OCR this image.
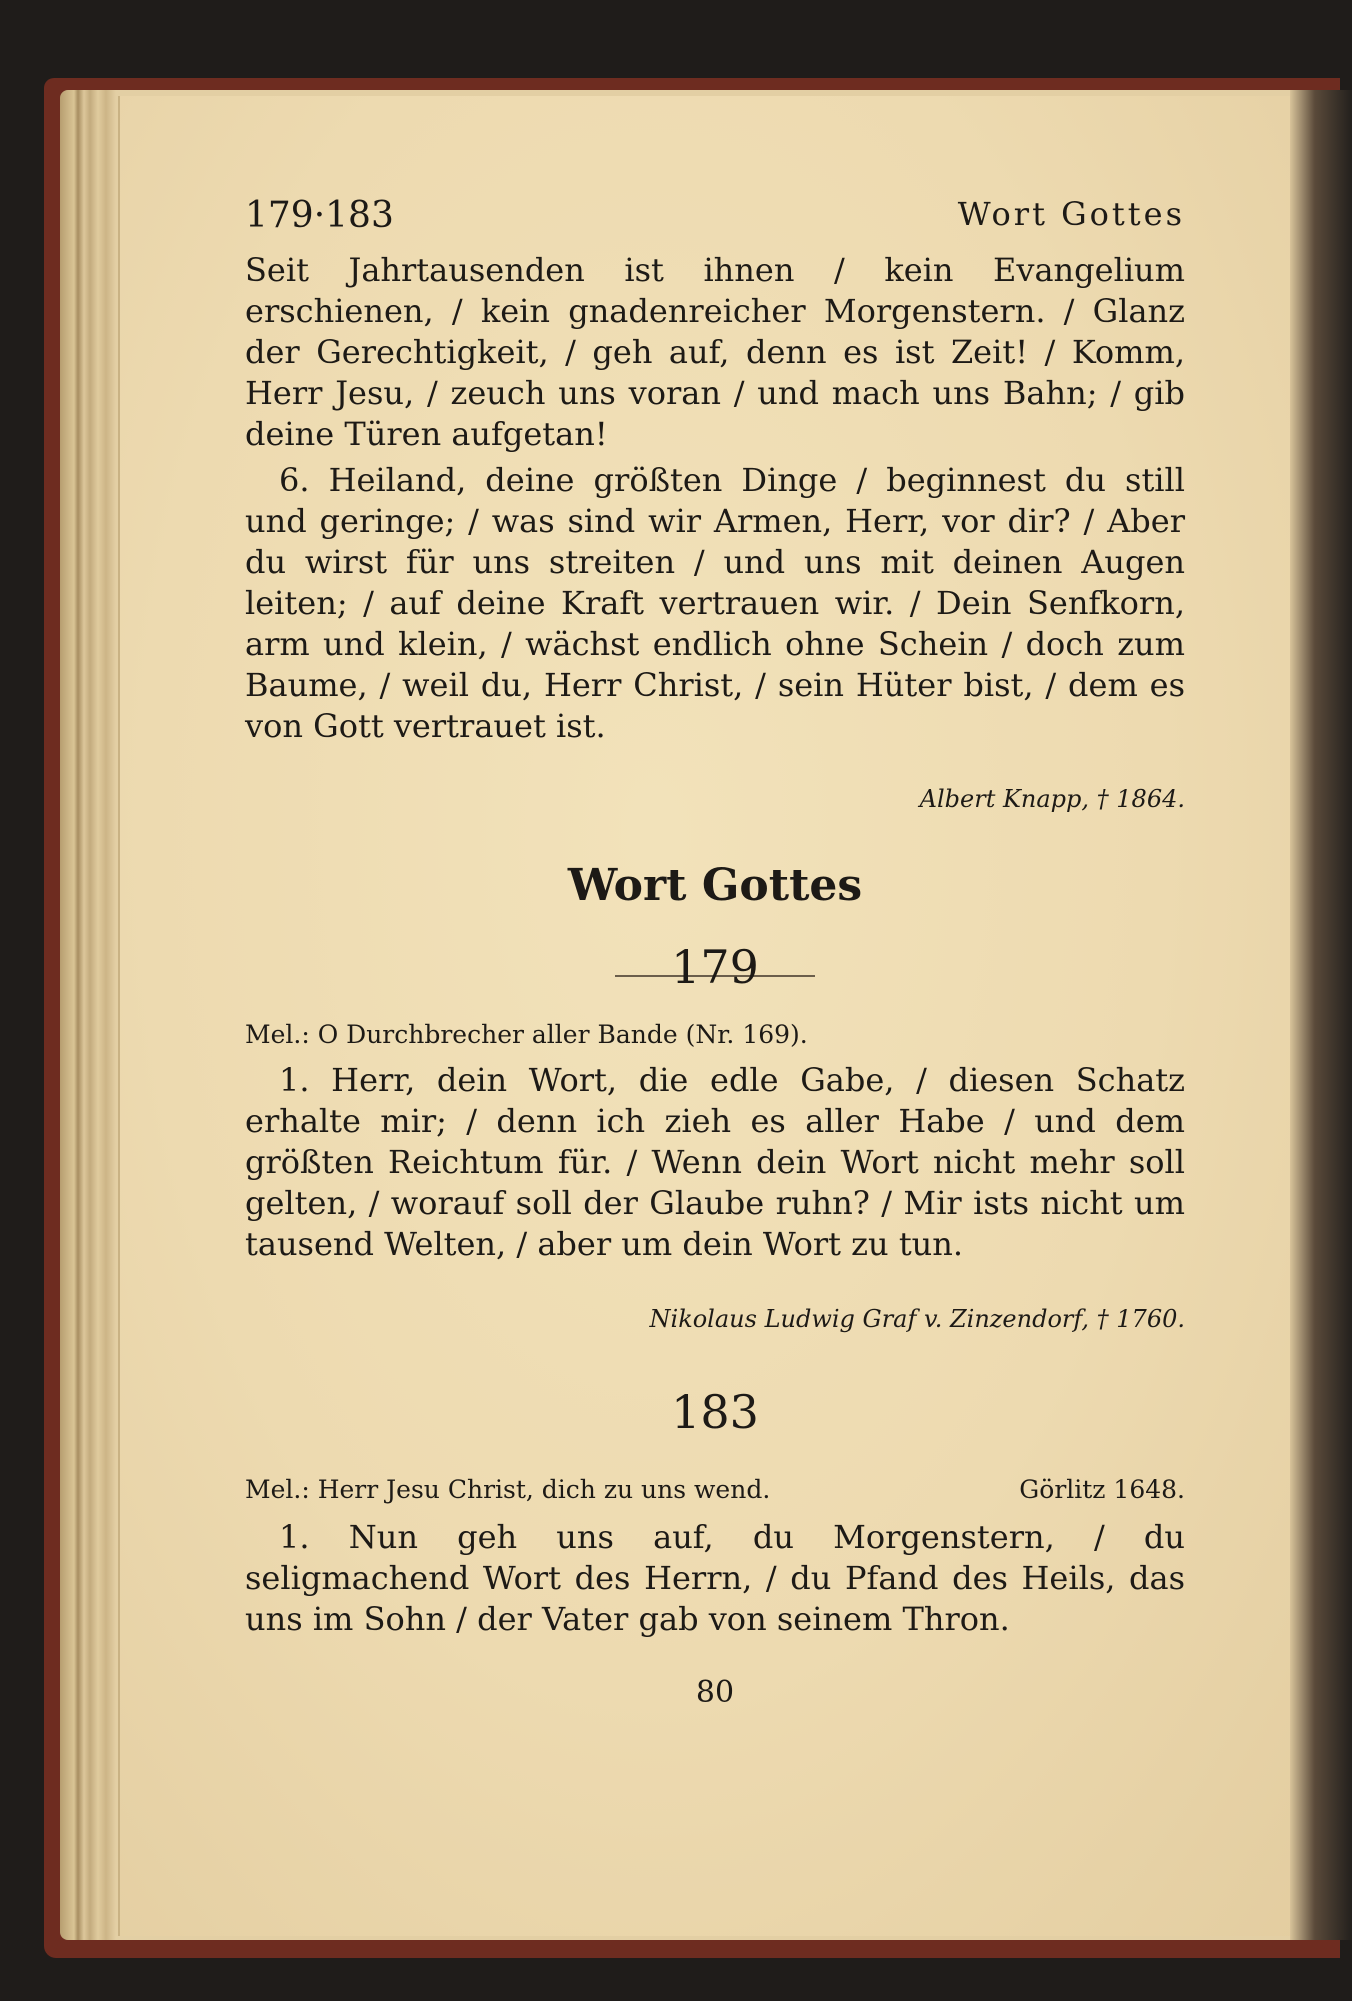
179·183	Wort Gottes
Seit Jahrtausenden ist ihnen / kein Evangelium erschienen, / kein gnadenreicher Morgenstern. / Glanz der Gerechtigkeit, / geh auf, denn es ist Zeit! / Komm, Herr Jesu, / zeuch uns voran / und mach uns Bahn; / gib deine Türen aufgetan!
6. Heiland, deine größten Dinge / beginnest du still und geringe; / was sind wir Armen, Herr, vor dir? / Aber du wirst für uns streiten / und uns mit deinen Augen leiten; / auf deine Kraft vertrauen wir. / Dein Senfkorn, arm und klein, / wächst endlich ohne Schein / doch zum Baume, / weil du, Herr Christ, / sein Hüter bist, / dem es von Gott vertrauet ist.
Albert Knapp, † 1864.
Wort Gottes
179
Mel.: O Durchbrecher aller Bande (Nr. 169).
1. Herr, dein Wort, die edle Gabe, / diesen Schatz erhalte mir; / denn ich zieh es aller Habe / und dem größten Reichtum für. / Wenn dein Wort nicht mehr soll gelten, / worauf soll der Glaube ruhn? / Mir ists nicht um tausend Welten, / aber um dein Wort zu tun.
Nikolaus Ludwig Graf v. Zinzendorf, † 1760.
183
Mel.: Herr Jesu Christ, dich zu uns wend.	Görlitz 1648.
1. Nun geh uns auf, du Morgenstern, / du seligmachend Wort des Herrn, / du Pfand des Heils, das uns im Sohn / der Vater gab von seinem Thron.
80
